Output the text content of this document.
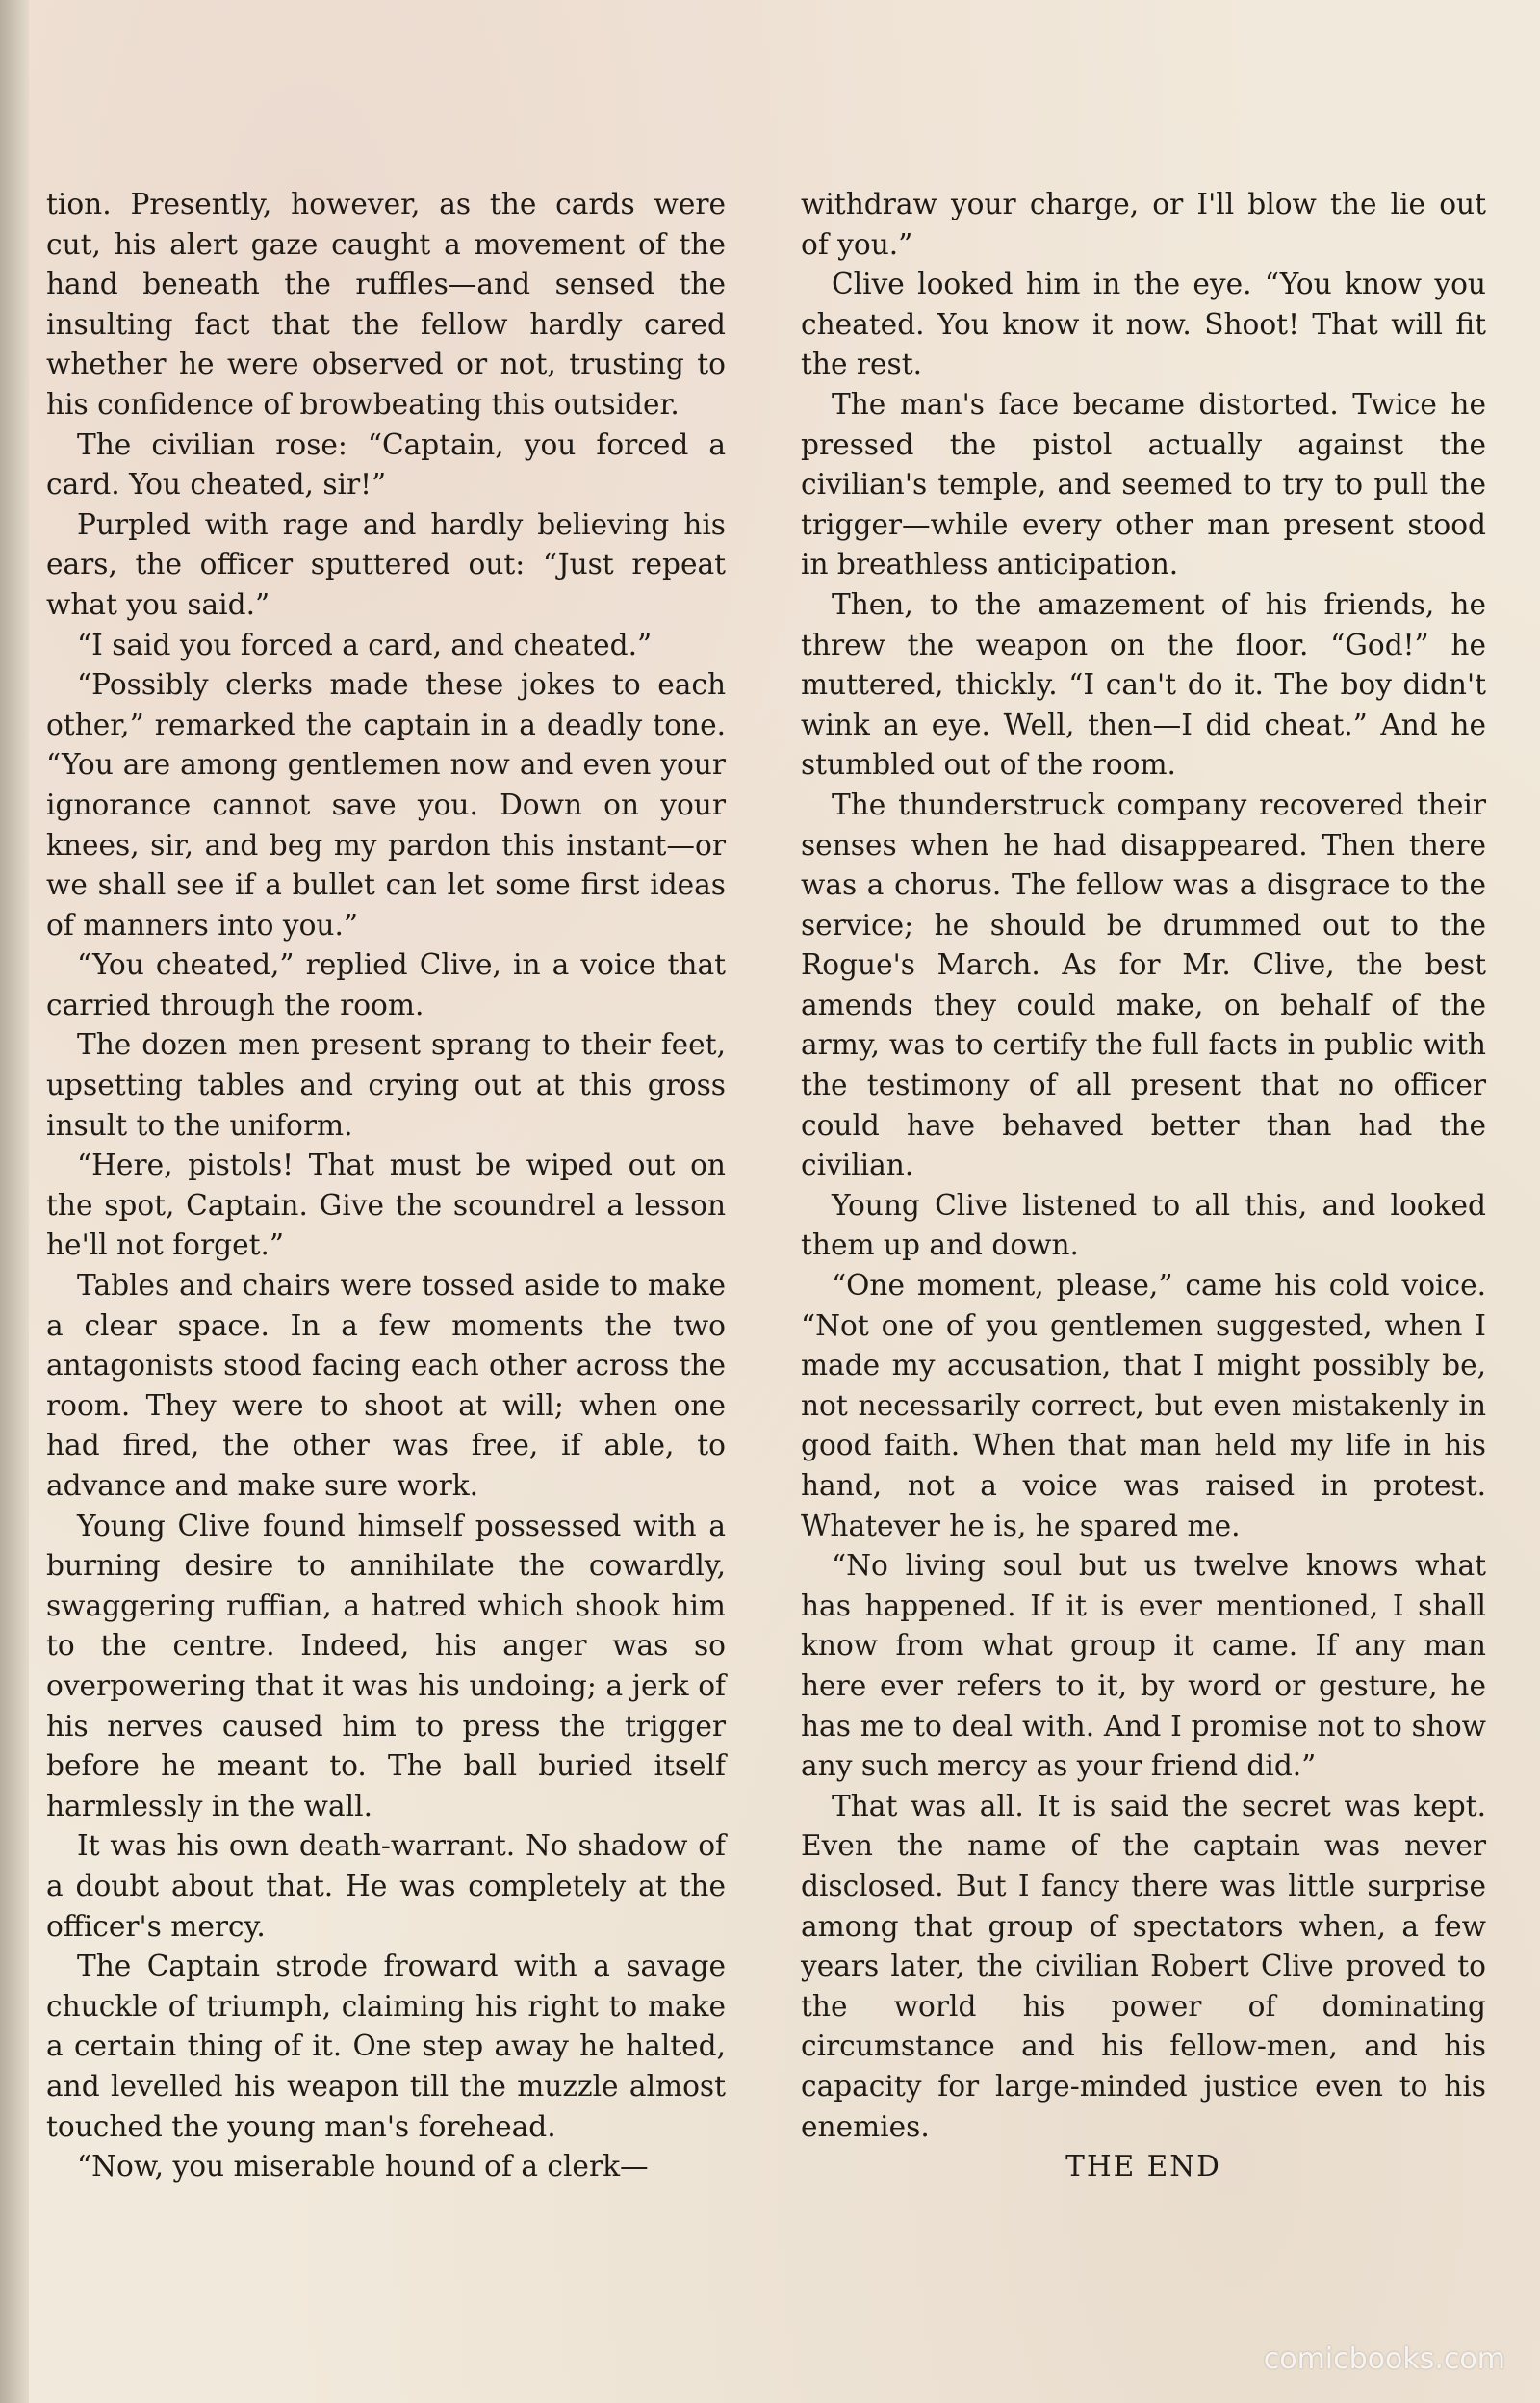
tion. Presently, however, as the cards were cut, his alert gaze caught a movement of the hand beneath the ruffles—and sensed the insulting fact that the fellow hardly cared whether he were observed or not, trusting to his confidence of browbeating this outsider.

The civilian rose: “Captain, you forced a card. You cheated, sir!”

Purpled with rage and hardly believing his ears, the officer sputtered out: “Just repeat what you said.”

“I said you forced a card, and cheated.”

“Possibly clerks made these jokes to each other,” remarked the captain in a deadly tone. “You are among gentlemen now and even your ignorance cannot save you. Down on your knees, sir, and beg my pardon this instant—or we shall see if a bullet can let some first ideas of manners into you.”

“You cheated,” replied Clive, in a voice that carried through the room.

The dozen men present sprang to their feet, upsetting tables and crying out at this gross insult to the uniform.

“Here, pistols! That must be wiped out on the spot, Captain. Give the scoundrel a lesson he'll not forget.”

Tables and chairs were tossed aside to make a clear space. In a few moments the two antagonists stood facing each other across the room. They were to shoot at will; when one had fired, the other was free, if able, to advance and make sure work.

Young Clive found himself possessed with a burning desire to annihilate the cowardly, swaggering ruffian, a hatred which shook him to the centre. Indeed, his anger was so overpowering that it was his undoing; a jerk of his nerves caused him to press the trigger before he meant to. The ball buried itself harmlessly in the wall.

It was his own death-warrant. No shadow of a doubt about that. He was completely at the officer's mercy.

The Captain strode froward with a savage chuckle of triumph, claiming his right to make a certain thing of it. One step away he halted, and levelled his weapon till the muzzle almost touched the young man's forehead.

“Now, you miserable hound of a clerk—

withdraw your charge, or I'll blow the lie out of you.”

Clive looked him in the eye. “You know you cheated. You know it now. Shoot! That will fit the rest.

The man's face became distorted. Twice he pressed the pistol actually against the civilian's temple, and seemed to try to pull the trigger—while every other man present stood in breathless anticipation.

Then, to the amazement of his friends, he threw the weapon on the floor. “God!” he muttered, thickly. “I can't do it. The boy didn't wink an eye. Well, then—I did cheat.” And he stumbled out of the room.

The thunderstruck company recovered their senses when he had disappeared. Then there was a chorus. The fellow was a disgrace to the service; he should be drummed out to the Rogue's March. As for Mr. Clive, the best amends they could make, on behalf of the army, was to certify the full facts in public with the testimony of all present that no officer could have behaved better than had the civilian.

Young Clive listened to all this, and looked them up and down.

“One moment, please,” came his cold voice. “Not one of you gentlemen suggested, when I made my accusation, that I might possibly be, not necessarily correct, but even mistakenly in good faith. When that man held my life in his hand, not a voice was raised in protest. Whatever he is, he spared me.

“No living soul but us twelve knows what has happened. If it is ever mentioned, I shall know from what group it came. If any man here ever refers to it, by word or gesture, he has me to deal with. And I promise not to show any such mercy as your friend did.”

That was all. It is said the secret was kept. Even the name of the captain was never disclosed. But I fancy there was little surprise among that group of spectators when, a few years later, the civilian Robert Clive proved to the world his power of dominating circumstance and his fellow-men, and his capacity for large-minded justice even to his enemies.

THE END
comicbooks.com
